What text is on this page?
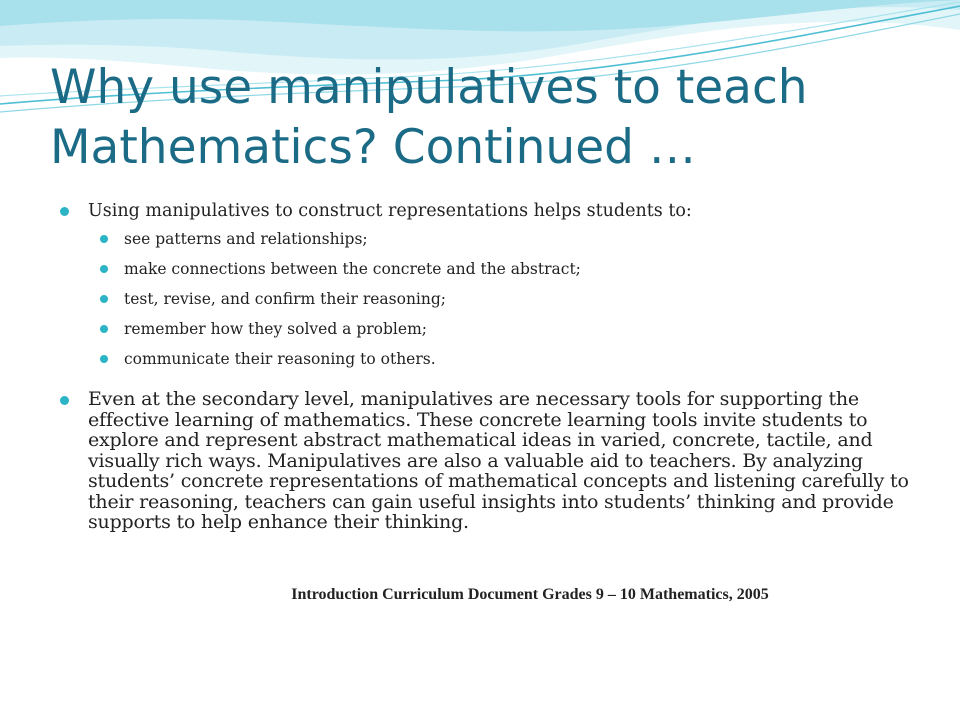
Why use manipulatives to teach
Mathematics? Continued …
Using manipulatives to construct representations helps students to:
see patterns and relationships;
make connections between the concrete and the abstract;
test, revise, and confirm their reasoning;
remember how they solved a problem;
communicate their reasoning to others.
Even at the secondary level, manipulatives are necessary tools for supporting the effective learning of mathematics. These concrete learning tools invite students to explore and represent abstract mathematical ideas in varied, concrete, tactile, and visually rich ways. Manipulatives are also a valuable aid to teachers. By analyzing students’ concrete representations of mathematical concepts and listening carefully to their reasoning, teachers can gain useful insights into students’ thinking and provide supports to help enhance their thinking.
Introduction Curriculum Document Grades 9 – 10 Mathematics, 2005
